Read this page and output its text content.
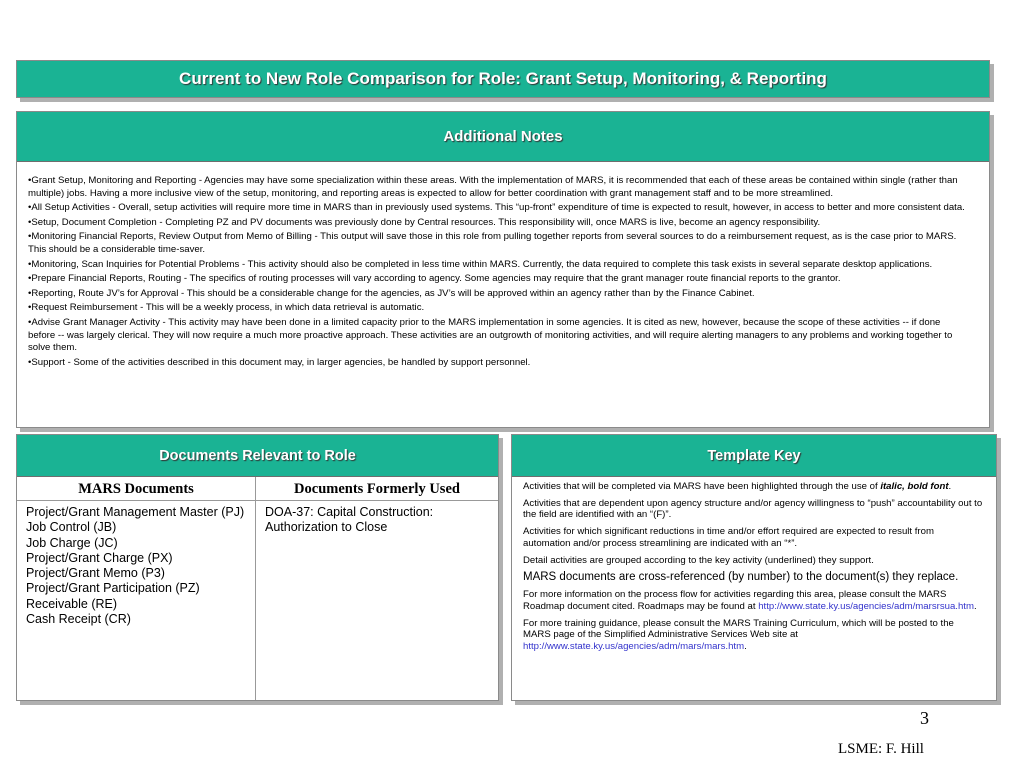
Current to New Role Comparison for Role: Grant Setup, Monitoring, & Reporting
Additional Notes
•Grant Setup, Monitoring and Reporting - Agencies may have some specialization within these areas. With the implementation of MARS, it is recommended that each of these areas be contained within single (rather than multiple) jobs. Having a more inclusive view of the setup, monitoring, and reporting areas is expected to allow for better coordination with grant management staff and to be more streamlined.
•All Setup Activities - Overall, setup activities will require more time in MARS than in previously used systems. This “up-front” expenditure of time is expected to result, however, in access to better and more consistent data.
•Setup, Document Completion - Completing PZ and PV documents was previously done by Central resources. This responsibility will, once MARS is live, become an agency responsibility.
•Monitoring Financial Reports, Review Output from Memo of Billing - This output will save those in this role from pulling together reports from several sources to do a reimbursement request, as is the case prior to MARS. This should be a considerable time-saver.
•Monitoring, Scan Inquiries for Potential Problems - This activity should also be completed in less time within MARS. Currently, the data required to complete this task exists in several separate desktop applications.
•Prepare Financial Reports, Routing - The specifics of routing processes will vary according to agency. Some agencies may require that the grant manager route financial reports to the grantor.
•Reporting, Route JV’s for Approval - This should be a considerable change for the agencies, as JV’s will be approved within an agency rather than by the Finance Cabinet.
•Request Reimbursement - This will be a weekly process, in which data retrieval is automatic.
•Advise Grant Manager Activity - This activity may have been done in a limited capacity prior to the MARS implementation in some agencies. It is cited as new, however, because the scope of these activities -- if done before -- was largely clerical. They will now require a much more proactive approach. These activities are an outgrowth of monitoring activities, and will require alerting managers to any problems and working together to solve them.
•Support - Some of the activities described in this document may, in larger agencies, be handled by support personnel.
Documents Relevant to Role
MARS Documents
Project/Grant Management Master (PJ)
Job Control (JB)
Job Charge (JC)
Project/Grant Charge (PX)
Project/Grant Memo (P3)
Project/Grant Participation (PZ)
Receivable (RE)
Cash Receipt (CR)
Documents Formerly Used
DOA-37: Capital Construction: Authorization to Close
Template Key
Activities that will be completed via MARS have been highlighted through the use of italic, bold font.
Activities that are dependent upon agency structure and/or agency willingness to “push” accountability out to the field are identified with an “(F)”.
Activities for which significant reductions in time and/or effort required are expected to result from automation and/or process streamlining are indicated with an “*”.
Detail activities are grouped according to the key activity (underlined) they support.
MARS documents are cross-referenced (by number) to the document(s) they replace.
For more information on the process flow for activities regarding this area, please consult the MARS Roadmap document cited. Roadmaps may be found at http://www.state.ky.us/agencies/adm/marsrsua.htm.
For more training guidance, please consult the MARS Training Curriculum, which will be posted to the MARS page of the Simplified Administrative Services Web site at http://www.state.ky.us/agencies/adm/mars/mars.htm.
3
LSME: F. Hill
